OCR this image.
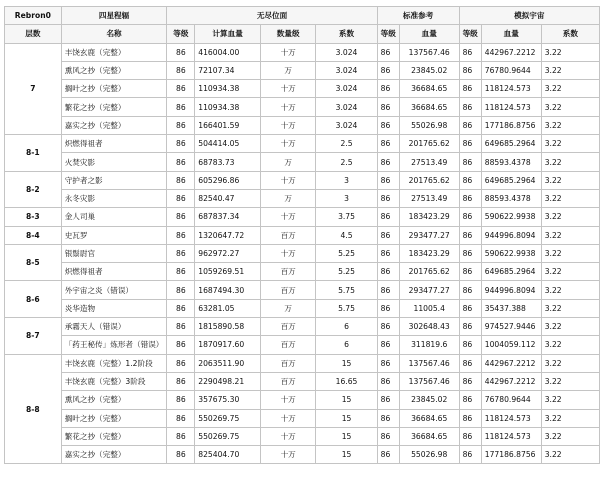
Rebron0	四星程辐	无尽位面				标准参考		模拟宇宙		
层数	名称	等级	计算血量	数量级	系数	等级	血量	等级	血量	系数
7	丰饶玄鹿（完整）	86	416004.00	十万	3.024	86	137567.46	86	442967.2212	3.22
	熏风之抄（完整）	86	72107.34	万	3.024	86	23845.02	86	76780.9644	3.22
	搁叶之抄（完整）	86	110934.38	十万	3.024	86	36684.65	86	118124.573	3.22
	繁花之抄（完整）	86	110934.38	十万	3.024	86	36684.65	86	118124.573	3.22
	嘉实之抄（完整）	86	166401.59	十万	3.024	86	55026.98	86	177186.8756	3.22
8-1	炽燃得祖者	86	504414.05	十万	2.5	86	201765.62	86	649685.2964	3.22
	火焚灾影	86	68783.73	万	2.5	86	27513.49	86	88593.4378	3.22
8-2	守护者之影	86	605296.86	十万	3	86	201765.62	86	649685.2964	3.22
	永冬灾影	86	82540.47	万	3	86	27513.49	86	88593.4378	3.22
8-3	金人司巢	86	687837.34	十万	3.75	86	183423.29	86	590622.9938	3.22
8-4	史瓦罗	86	1320647.72	百万	4.5	86	293477.27	86	944996.8094	3.22
8-5	银鬃尉官	86	962972.27	十万	5.25	86	183423.29	86	590622.9938	3.22
	炽燃得祖者	86	1059269.51	百万	5.25	86	201765.62	86	649685.2964	3.22
8-6	外宇宙之炎（错误）	86	1687494.30	百万	5.75	86	293477.27	86	944996.8094	3.22
	炎华造物	86	63281.05	万	5.75	86	11005.4	86	35437.388	3.22
8-7	承霧天人（错误）	86	1815890.58	百万	6	86	302648.43	86	974527.9446	3.22
	「药王秘传」炼形者（错误）	86	1870917.60	百万	6	86	311819.6	86	1004059.112	3.22
8-8	丰饶玄鹿（完整）1.2阶段	86	2063511.90	百万	15	86	137567.46	86	442967.2212	3.22
	丰饶玄鹿（完整）3阶段	86	2290498.21	百万	16.65	86	137567.46	86	442967.2212	3.22
	熏风之抄（完整）	86	357675.30	十万	15	86	23845.02	86	76780.9644	3.22
	搁叶之抄（完整）	86	550269.75	十万	15	86	36684.65	86	118124.573	3.22
	繁花之抄（完整）	86	550269.75	十万	15	86	36684.65	86	118124.573	3.22
	嘉实之抄（完整）	86	825404.70	十万	15	86	55026.98	86	177186.8756	3.22
